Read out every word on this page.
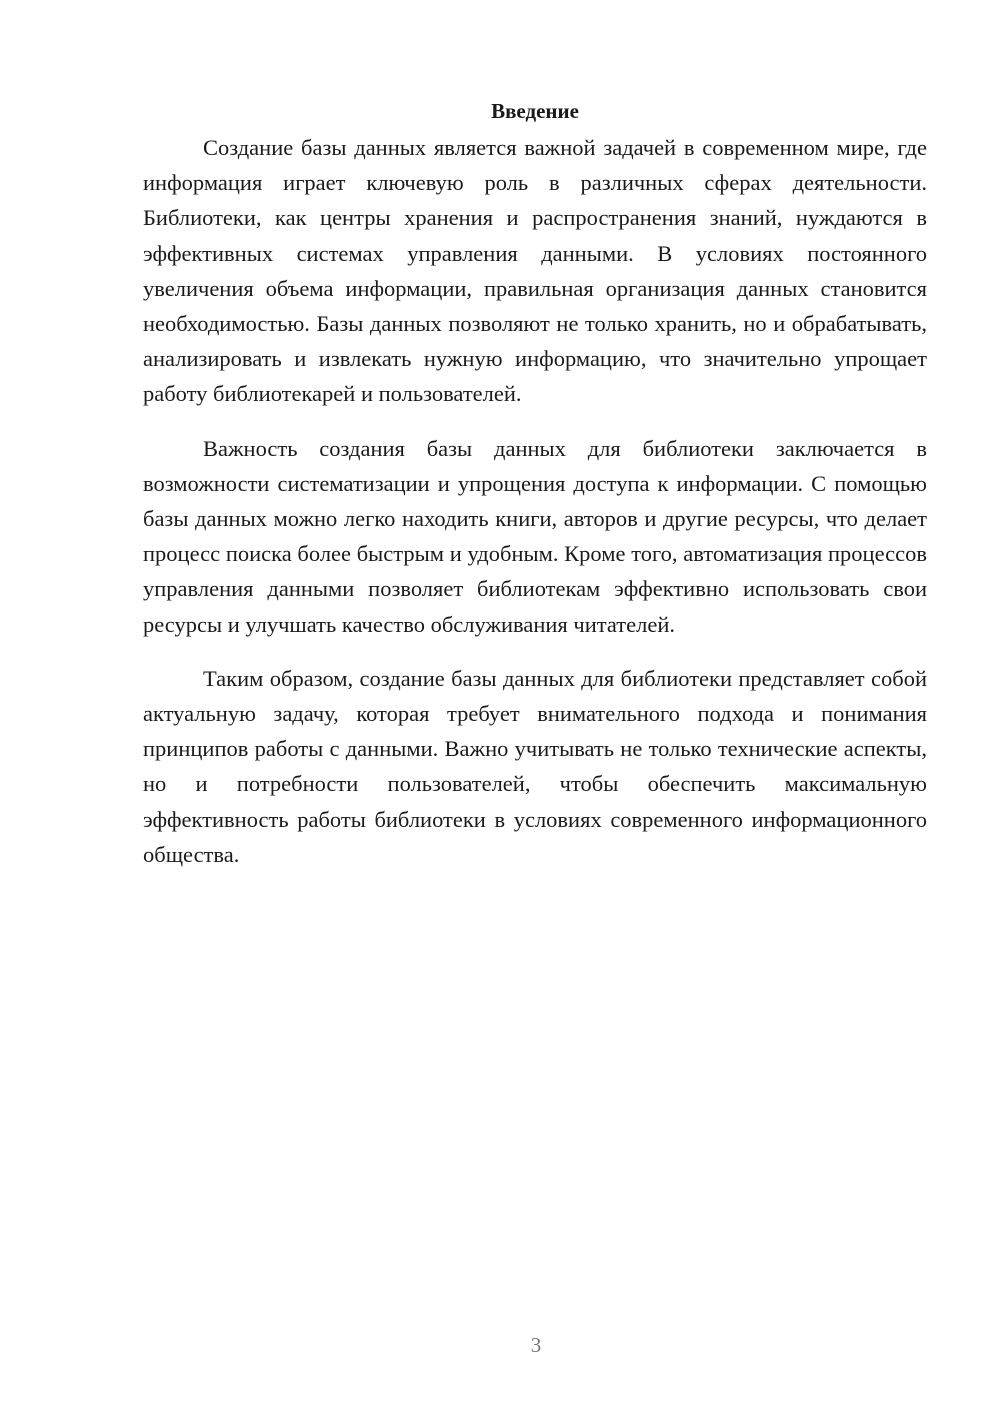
Введение

Создание базы данных является важной задачей в современном мире, где информация играет ключевую роль в различных сферах деятельности. Библиотеки, как центры хранения и распространения знаний, нуждаются в эффективных системах управления данными. В условиях постоянного увеличения объема информации, правильная организация данных становится необходимостью. Базы данных позволяют не только хранить, но и обрабатывать, анализировать и извлекать нужную информацию, что значительно упрощает работу библиотекарей и пользователей.

Важность создания базы данных для библиотеки заключается в возможности систематизации и упрощения доступа к информации. С помощью базы данных можно легко находить книги, авторов и другие ресурсы, что делает процесс поиска более быстрым и удобным. Кроме того, автоматизация процессов управления данными позволяет библиотекам эффективно использовать свои ресурсы и улучшать качество обслуживания читателей.

Таким образом, создание базы данных для библиотеки представляет собой актуальную задачу, которая требует внимательного подхода и понимания принципов работы с данными. Важно учитывать не только технические аспекты, но и потребности пользователей, чтобы обеспечить максимальную эффективность работы библиотеки в условиях современного информационного общества.

3
